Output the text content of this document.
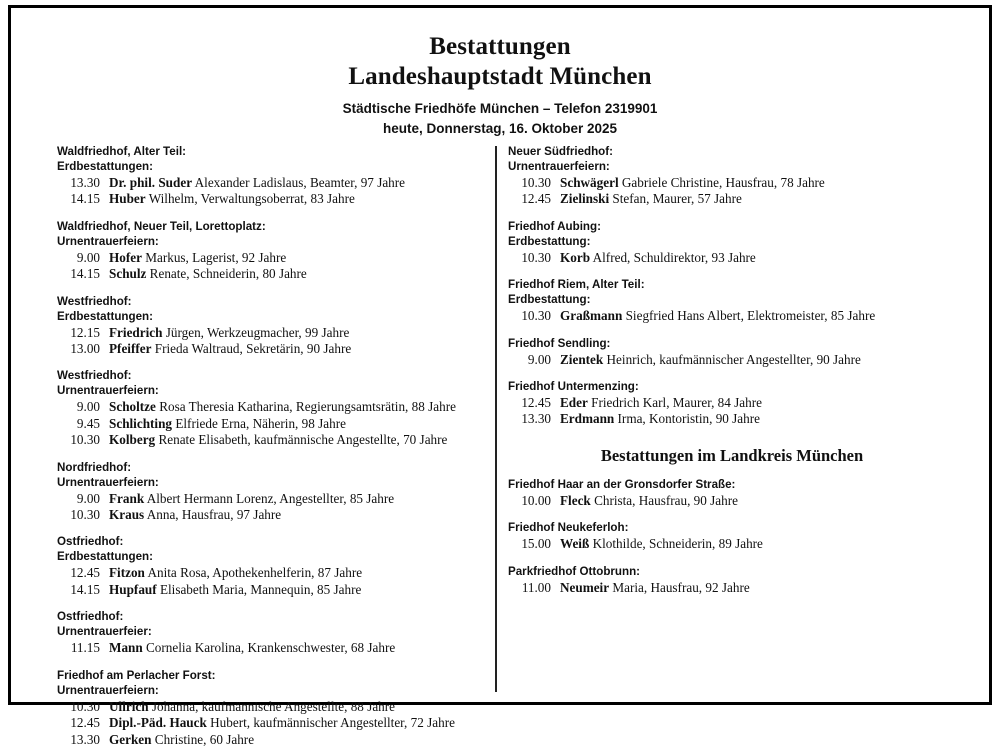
Bestattungen
Landeshauptstadt München
Städtische Friedhöfe München – Telefon 2319901
heute, Donnerstag, 16. Oktober 2025
Waldfriedhof, Alter Teil:
Erdbestattungen:
13.30 Dr. phil. Suder Alexander Ladislaus, Beamter, 97 Jahre
14.15 Huber Wilhelm, Verwaltungsoberrat, 83 Jahre
Waldfriedhof, Neuer Teil, Lorettoplatz:
Urnentrauerfeiern:
9.00 Hofer Markus, Lagerist, 92 Jahre
14.15 Schulz Renate, Schneiderin, 80 Jahre
Westfriedhof:
Erdbestattungen:
12.15 Friedrich Jürgen, Werkzeugmacher, 99 Jahre
13.00 Pfeiffer Frieda Waltraud, Sekretärin, 90 Jahre
Westfriedhof:
Urnentrauerfeiern:
9.00 Scholtze Rosa Theresia Katharina, Regierungsamtsrätin, 88 Jahre
9.45 Schlichting Elfriede Erna, Näherin, 98 Jahre
10.30 Kolberg Renate Elisabeth, kaufmännische Angestellte, 70 Jahre
Nordfriedhof:
Urnentrauerfeiern:
9.00 Frank Albert Hermann Lorenz, Angestellter, 85 Jahre
10.30 Kraus Anna, Hausfrau, 97 Jahre
Ostfriedhof:
Erdbestattungen:
12.45 Fitzon Anita Rosa, Apothekenhelferin, 87 Jahre
14.15 Hupfauf Elisabeth Maria, Mannequin, 85 Jahre
Ostfriedhof:
Urnentrauerfeier:
11.15 Mann Cornelia Karolina, Krankenschwester, 68 Jahre
Friedhof am Perlacher Forst:
Urnentrauerfeiern:
10.30 Ullrich Johanna, kaufmännische Angestellte, 88 Jahre
12.45 Dipl.-Päd. Hauck Hubert, kaufmännischer Angestellter, 72 Jahre
13.30 Gerken Christine, 60 Jahre
Neuer Südfriedhof:
Urnentrauerfeiern:
10.30 Schwägerl Gabriele Christine, Hausfrau, 78 Jahre
12.45 Zielinski Stefan, Maurer, 57 Jahre
Friedhof Aubing:
Erdbestattung:
10.30 Korb Alfred, Schuldirektor, 93 Jahre
Friedhof Riem, Alter Teil:
Erdbestattung:
10.30 Graßmann Siegfried Hans Albert, Elektromeister, 85 Jahre
Friedhof Sendling:
9.00 Zientek Heinrich, kaufmännischer Angestellter, 90 Jahre
Friedhof Untermenzing:
12.45 Eder Friedrich Karl, Maurer, 84 Jahre
13.30 Erdmann Irma, Kontoristin, 90 Jahre
Bestattungen im Landkreis München
Friedhof Haar an der Gronsdorfer Straße:
10.00 Fleck Christa, Hausfrau, 90 Jahre
Friedhof Neukeferloh:
15.00 Weiß Klothilde, Schneiderin, 89 Jahre
Parkfriedhof Ottobrunn:
11.00 Neumeir Maria, Hausfrau, 92 Jahre
